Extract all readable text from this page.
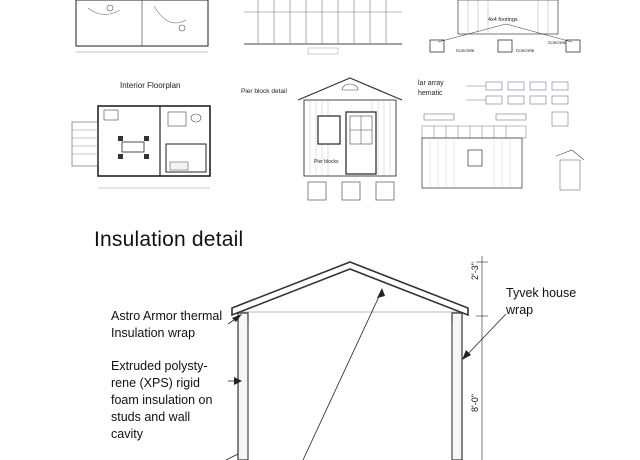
4x4 footings
Concrete	Concrete
Concrete
Interior Floorplan
Pier block detail
Pier blocks
lar array
hematic
Insulation detail
Astro Armor thermal
Insulation wrap
Extruded polysty-
rene (XPS) rigid
foam insulation on
studs and wall
cavity
Tyvek house
wrap
2'-3"
8'-0"
